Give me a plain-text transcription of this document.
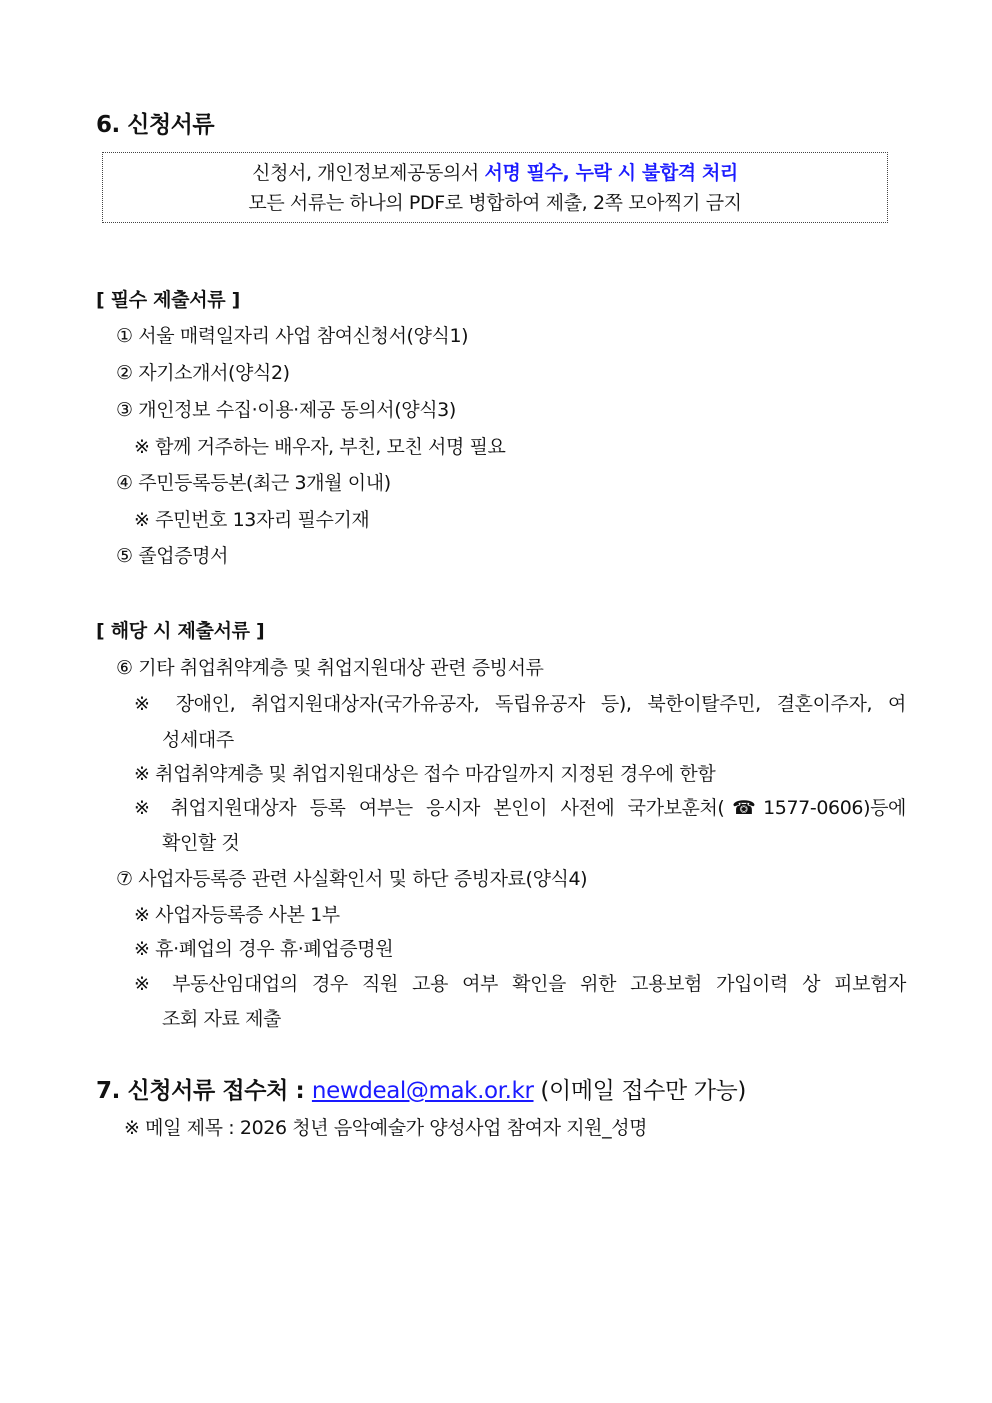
6. 신청서류
신청서, 개인정보제공동의서 서명 필수, 누락 시 불합격 처리
모든 서류는 하나의 PDF로 병합하여 제출, 2쪽 모아찍기 금지
[ 필수 제출서류 ]
① 서울 매력일자리 사업 참여신청서(양식1)
② 자기소개서(양식2)
③ 개인정보 수집·이용·제공 동의서(양식3)
※ 함께 거주하는 배우자, 부친, 모친 서명 필요
④ 주민등록등본(최근 3개월 이내)
※ 주민번호 13자리 필수기재
⑤ 졸업증명서
[ 해당 시 제출서류 ]
⑥ 기타 취업취약계층 및 취업지원대상 관련 증빙서류
※ 장애인, 취업지원대상자(국가유공자, 독립유공자 등), 북한이탈주민, 결혼이주자, 여
성세대주
※ 취업취약계층 및 취업지원대상은 접수 마감일까지 지정된 경우에 한함
※ 취업지원대상자 등록 여부는 응시자 본인이 사전에 국가보훈처(☎1577-0606)등에
확인할 것
⑦ 사업자등록증 관련 사실확인서 및 하단 증빙자료(양식4)
※ 사업자등록증 사본 1부
※ 휴·폐업의 경우 휴·폐업증명원
※ 부동산임대업의 경우 직원 고용 여부 확인을 위한 고용보험 가입이력 상 피보험자
조회 자료 제출
7. 신청서류 접수처 : newdeal@mak.or.kr (이메일 접수만 가능)
※ 메일 제목 : 2026 청년 음악예술가 양성사업 참여자 지원_성명
